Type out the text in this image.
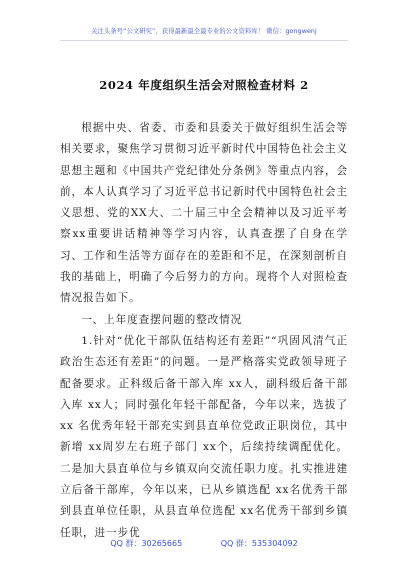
关注头条号“公文研究”，获得最新最全最专业的公文资料库！ 微信：gongwenj
2024 年度组织生活会对照检查材料 2

根据中央、省委、市委和县委关于做好组织生活会等相关要求，聚焦学习贯彻习近平新时代中国特色社会主义思想主题和《中国共产党纪律处分条例》等重点内容，会前，本人认真学习了习近平总书记新时代中国特色社会主义思想、党的XX大、二十届三中全会精神以及习近平考察xx重要讲话精神等学习内容，认真查摆了自身在学习、工作和生活等方面存在的差距和不足，在深刻剖析自我的基础上，明确了今后努力的方向。现将个人对照检查情况报告如下。

一、上年度查摆问题的整改情况

1.针对“优化干部队伍结构还有差距”“巩固风清气正政治生态还有差距”的问题。一是严格落实党政领导班子配备要求。正科级后备干部入库 xx人，副科级后备干部入库 xx人；同时强化年轻干部配备，今年以来，选拔了 xx 名优秀年轻干部充实到县直单位党政正职岗位，其中新增 xx周岁左右班子部门 xx个，后续持续调配优化。二是加大县直单位与乡镇双向交流任职力度。扎实推进建立后备干部库，今年以来，已从乡镇选配 xx名优秀干部到县直单位任职，从县直单位选配 xx名优秀干部到乡镇任职，进一步优

QQ 群：30265665	QQ 群：535304092
